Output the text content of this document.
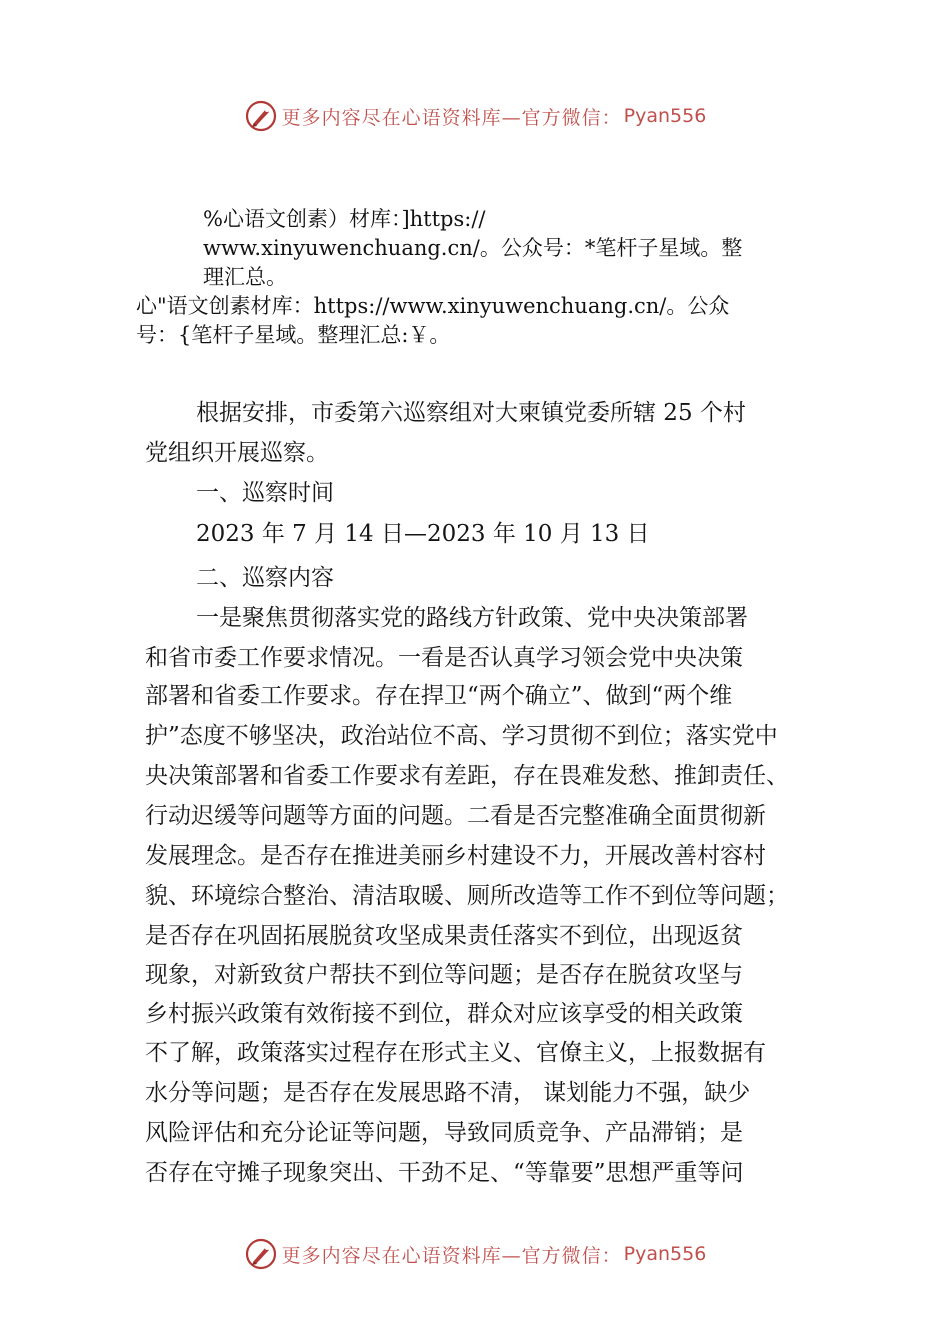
更多内容尽在心语资料库—官方微信： Pyan556
%心语文创素）材库：]https://
www.xinyuwenchuang.cn/。公众号：*笔杆子星域。整
理汇总。
心"语文创素材库：https://www.xinyuwenchuang.cn/。公众
号：{笔杆子星域。整理汇总:￥。
根据安排，市委第六巡察组对大柬镇党委所辖 25 个村
党组织开展巡察。
一、巡察时间
2023 年 7 月 14 日—2023 年 10 月 13 日
二、巡察内容
一是聚焦贯彻落实党的路线方针政策、党中央决策部署
和省市委工作要求情况。一看是否认真学习领会党中央决策
部署和省委工作要求。存在捍卫“两个确立”、做到“两个维
护”态度不够坚决，政治站位不高、学习贯彻不到位；落实党中
央决策部署和省委工作要求有差距，存在畏难发愁、推卸责任、
行动迟缓等问题等方面的问题。二看是否完整准确全面贯彻新
发展理念。是否存在推进美丽乡村建设不力，开展改善村容村
貌、环境综合整治、清洁取暖、厕所改造等工作不到位等问题；
是否存在巩固拓展脱贫攻坚成果责任落实不到位，出现返贫
现象，对新致贫户帮扶不到位等问题；是否存在脱贫攻坚与
乡村振兴政策有效衔接不到位，群众对应该享受的相关政策
不了解，政策落实过程存在形式主义、官僚主义，上报数据有
水分等问题；是否存在发展思路不清， 谋划能力不强，缺少
风险评估和充分论证等问题，导致同质竞争、产品滞销；是
否存在守摊子现象突出、干劲不足、“等靠要”思想严重等问
更多内容尽在心语资料库—官方微信： Pyan556
